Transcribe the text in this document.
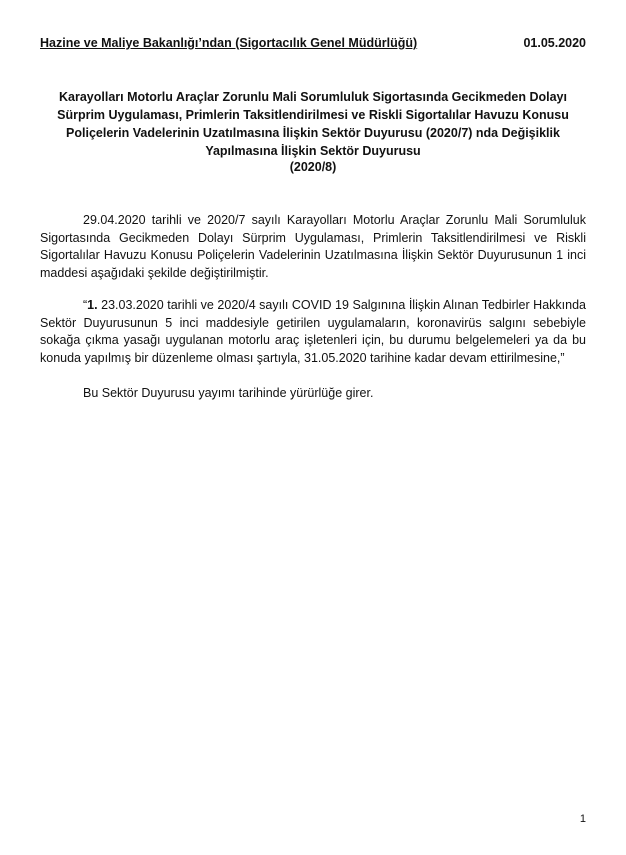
Hazine ve Maliye Bakanlığı’ndan (Sigortacılık Genel Müdürlüğü)	01.05.2020

Karayolları Motorlu Araçlar Zorunlu Mali Sorumluluk Sigortasında Gecikmeden Dolayı

Sürprim Uygulaması, Primlerin Taksitlendirilmesi ve Riskli Sigortalılar Havuzu Konusu

Poliçelerin Vadelerinin Uzatılmasına İlişkin Sektör Duyurusu (2020/7) nda Değişiklik

Yapılmasına İlişkin Sektör Duyurusu

(2020/8)

29.04.2020 tarihli ve 2020/7 sayılı Karayolları Motorlu Araçlar Zorunlu Mali Sorumluluk Sigortasında Gecikmeden Dolayı Sürprim Uygulaması, Primlerin Taksitlendirilmesi ve Riskli Sigortalılar Havuzu Konusu Poliçelerin Vadelerinin Uzatılmasına İlişkin Sektör Duyurusunun 1 inci maddesi aşağıdaki şekilde değiştirilmiştir.

“1. 23.03.2020 tarihli ve 2020/4 sayılı COVID 19 Salgınına İlişkin Alınan Tedbirler Hakkında Sektör Duyurusunun 5 inci maddesiyle getirilen uygulamaların, koronavirüs salgını sebebiyle sokağa çıkma yasağı uygulanan motorlu araç işletenleri için, bu durumu belgelemeleri ya da bu konuda yapılmış bir düzenleme olması şartıyla, 31.05.2020 tarihine kadar devam ettirilmesine,”

Bu Sektör Duyurusu yayımı tarihinde yürürlüğe girer.

1
